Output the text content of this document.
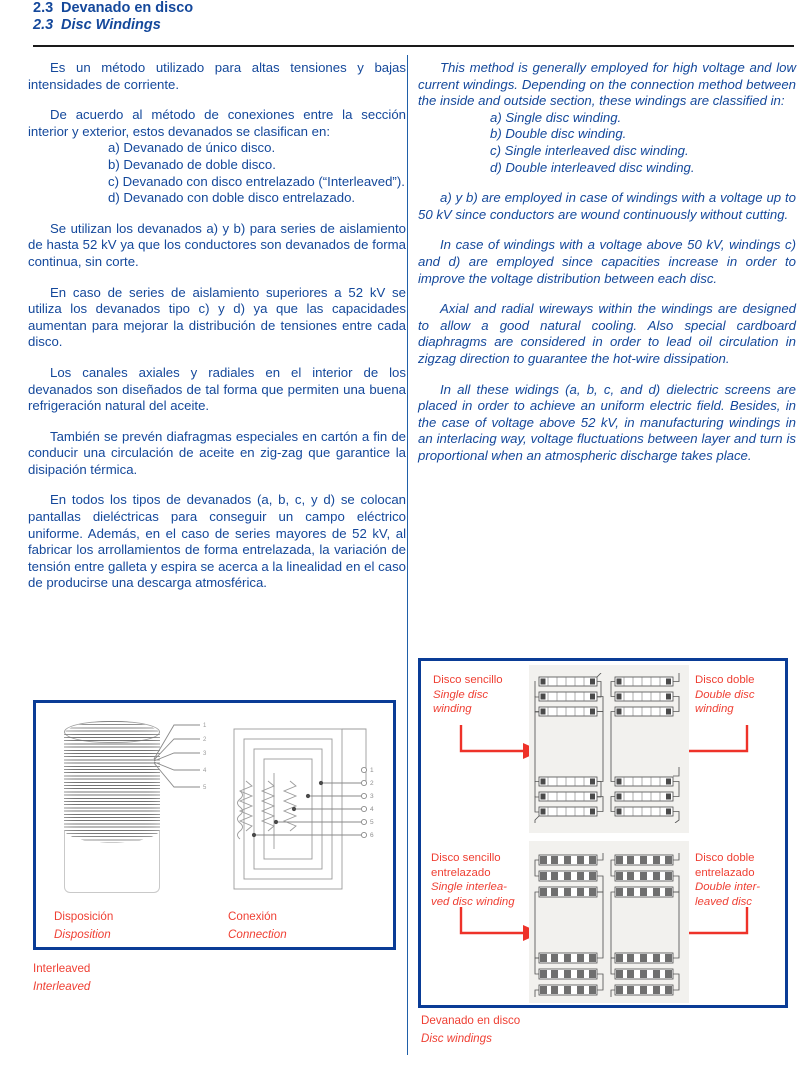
2.3 Devanado en disco
2.3 Disc Windings

Es un método utilizado para altas tensiones y bajas intensidades de corriente.

De acuerdo al método de conexiones entre la sección interior y exterior, estos devanados se clasifican en:

a) Devanado de único disco.
b) Devanado de doble disco.
c) Devanado con disco entrelazado (“Interleaved”).
d) Devanado con doble disco entrelazado.

Se utilizan los devanados a) y b) para series de aislamiento de hasta 52 kV ya que los conductores son devanados de forma continua, sin corte.

En caso de series de aislamiento superiores a 52 kV se utiliza los devanados tipo c) y d) ya que las capacidades aumentan para mejorar la distribución de tensiones entre cada disco.

Los canales axiales y radiales en el interior de los devanados son diseñados de tal forma que permiten una buena refrigeración natural del aceite.

También se prevén diafragmas especiales en cartón a fin de conducir una circulación de aceite en zig-zag que garantice la disipación térmica.

En todos los tipos de devanados (a, b, c, y d) se colocan pantallas dieléctricas para conseguir un campo eléctrico uniforme. Además, en el caso de series mayores de 52 kV, al fabricar los arrollamientos de forma entrelazada, la variación de tensión entre galleta y espira se acerca a la linealidad en el caso de producirse una descarga atmosférica.

This method is generally employed for high voltage and low current windings. Depending on the connection method between the inside and outside section, these windings are classified in:

a) Single disc winding.
b) Double disc winding.
c) Single interleaved disc winding.
d) Double interleaved disc winding.

a) y b) are employed in case of windings with a voltage up to 50 kV since conductors are wound continuously without cutting.

In case of windings with a voltage above 50 kV, windings c) and d) are employed since capacities increase in order to improve the voltage distribution between each disc.

Axial and radial wireways within the windings are designed to allow a good natural cooling. Also special cardboard diaphragms are considered in order to lead oil circulation in zigzag direction to guarantee the hot-wire dissipation.

In all these widings (a, b, c, and d) dielectric screens are placed in order to achieve an uniform electric field. Besides, in the case of voltage above 52 kV, in manufacturing windings in an interlacing way, voltage fluctuations between layer and turn is proportional when an atmospheric discharge takes place.

1
2
3
4
5
Disposición
Disposition
1
2
3
4
5
6
Conexión
Connection
Interleaved
Interleaved
Disco sencillo
Single disc
winding
Disco doble
Double disc
winding
Disco sencillo
entrelazado
Single interlea-
ved disc winding
Disco doble
entrelazado
Double inter-
leaved disc
Devanado en disco
Disc windings
